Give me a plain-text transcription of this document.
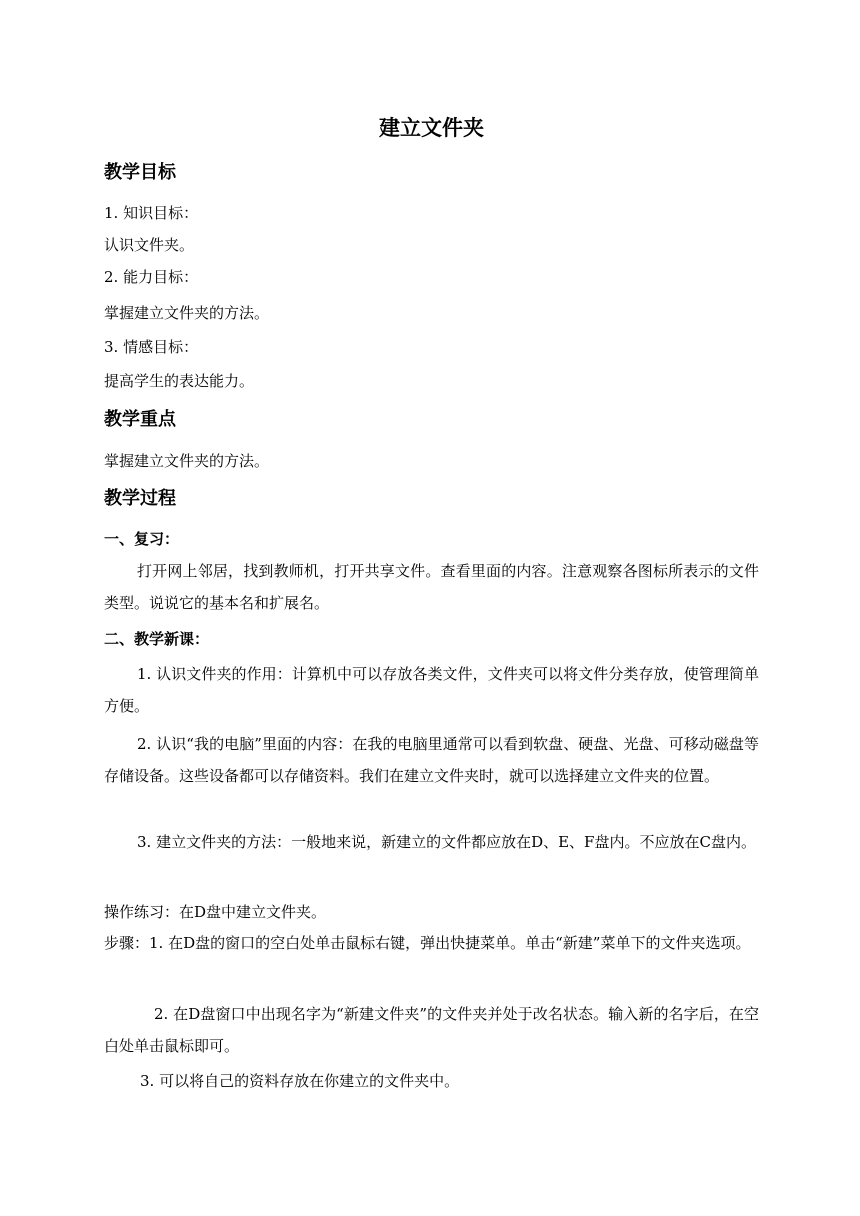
建立文件夹
教学目标

1. 知识目标：

认识文件夹。

2. 能力目标：

掌握建立文件夹的方法。

3. 情感目标：

提高学生的表达能力。

教学重点

掌握建立文件夹的方法。

教学过程
一、复习：

打开网上邻居，找到教师机，打开共享文件。查看里面的内容。注意观察各图标所表示的文件类型。说说它的基本名和扩展名。

二、教学新课：

1. 认识文件夹的作用：计算机中可以存放各类文件，文件夹可以将文件分类存放，使管理简单方便。

2. 认识“我的电脑”里面的内容：在我的电脑里通常可以看到软盘、硬盘、光盘、可移动磁盘等存储设备。这些设备都可以存储资料。我们在建立文件夹时，就可以选择建立文件夹的位置。

3. 建立文件夹的方法：一般地来说，新建立的文件都应放在D、E、F盘内。不应放在C盘内。

操作练习：在D盘中建立文件夹。

步骤：1. 在D盘的窗口的空白处单击鼠标右键，弹出快捷菜单。单击“新建”菜单下的文件夹选项。

2. 在D盘窗口中出现名字为“新建文件夹”的文件夹并处于改名状态。输入新的名字后，在空白处单击鼠标即可。

3. 可以将自己的资料存放在你建立的文件夹中。
